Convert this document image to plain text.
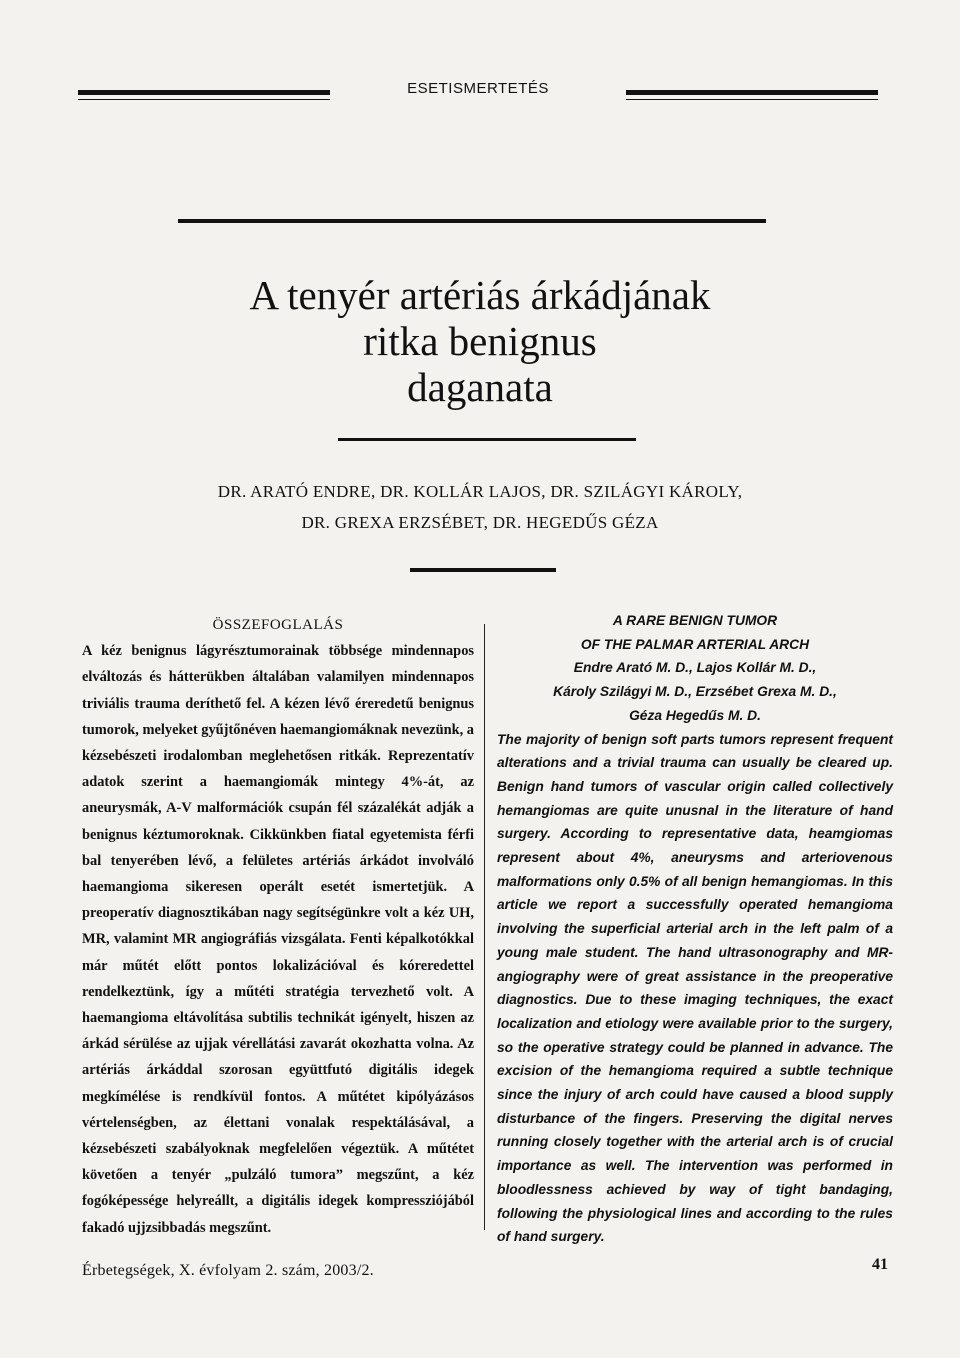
ESETISMERTETÉS
A tenyér artériás árkádjának
ritka benignus
daganata
DR. ARATÓ ENDRE, DR. KOLLÁR LAJOS, DR. SZILÁGYI KÁROLY,
DR. GREXA ERZSÉBET, DR. HEGEDŰS GÉZA
ÖSSZEFOGLALÁS

A kéz benignus lágyrésztumorainak többsége mindennapos elváltozás és hátterükben általában valamilyen mindennapos triviális trauma deríthető fel. A kézen lévő éreredetű benignus tumorok, melyeket gyűjtőnéven haemangiomáknak nevezünk, a kézsebészeti irodalomban meglehetősen ritkák. Reprezentatív adatok szerint a haemangiomák mintegy 4%-át, az aneurysmák, A-V malformációk csupán fél százalékát adják a benignus kéztumoroknak. Cikkünkben fiatal egyetemista férfi bal tenyerében lévő, a felületes artériás árkádot involváló haemangioma sikeresen operált esetét ismertetjük. A preoperatív diagnosztikában nagy segítségünkre volt a kéz UH, MR, valamint MR angiográfiás vizsgálata. Fenti képalkotókkal már műtét előtt pontos lokalizációval és kóreredettel rendelkeztünk, így a műtéti stratégia tervezhető volt. A haemangioma eltávolítása subtilis technikát igényelt, hiszen az árkád sérülése az ujjak vérellátási zavarát okozhatta volna. Az artériás árkáddal szorosan együttfutó digitális idegek megkímélése is rendkívül fontos. A műtétet kipólyázásos vértelenségben, az élettani vonalak respektálásával, a kézsebészeti szabályoknak megfelelően végeztük. A műtétet követően a tenyér „pulzáló tumora” megszűnt, a kéz fogóképessége helyreállt, a digitális idegek kompressziójából fakadó ujjzsibbadás megszűnt.

A RARE BENIGN TUMOR
OF THE PALMAR ARTERIAL ARCH
Endre Arató M. D., Lajos Kollár M. D.,
Károly Szilágyi M. D., Erzsébet Grexa M. D.,
Géza Hegedűs M. D.

The majority of benign soft parts tumors represent frequent alterations and a trivial trauma can usually be cleared up. Benign hand tumors of vascular origin called collectively hemangiomas are quite unusnal in the literature of hand surgery. According to representative data, heamgiomas represent about 4%, aneurysms and arteriovenous malformations only 0.5% of all benign hemangiomas. In this article we report a successfully operated hemangioma involving the superficial arterial arch in the left palm of a young male student. The hand ultrasonography and MR-angiography were of great assistance in the preoperative diagnostics. Due to these imaging techniques, the exact localization and etiology were available prior to the surgery, so the operative strategy could be planned in advance. The excision of the hemangioma required a subtle technique since the injury of arch could have caused a blood supply disturbance of the fingers. Preserving the digital nerves running closely together with the arterial arch is of crucial importance as well. The intervention was performed in bloodlessness achieved by way of tight bandaging, following the physiological lines and according to the rules of hand surgery.

Érbetegségek, X. évfolyam 2. szám, 2003/2.	41
